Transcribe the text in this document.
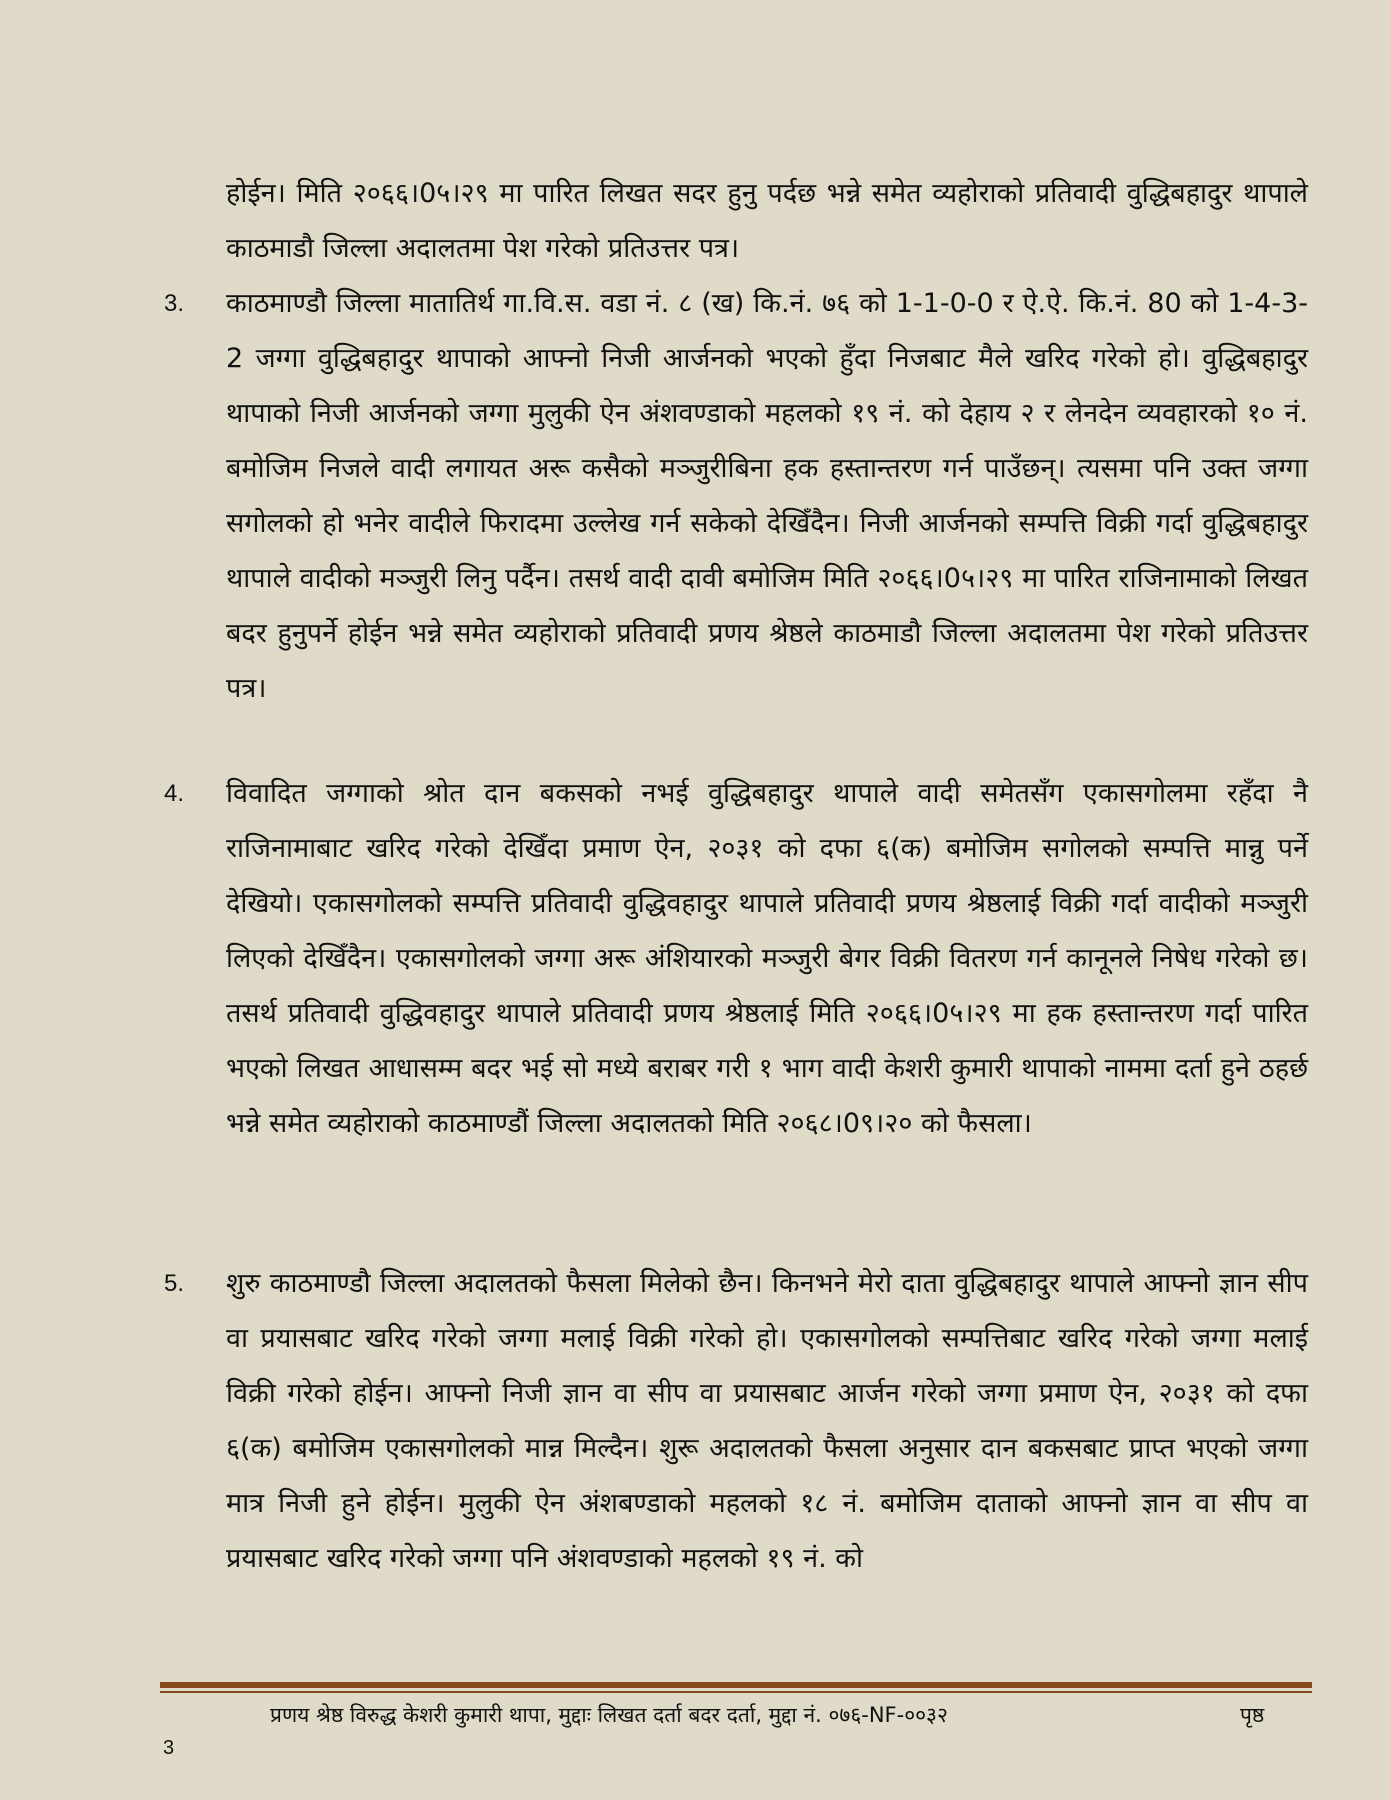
होईन। मिति २०६६।0५।२९ मा पारित लिखत सदर हुनु पर्दछ भन्ने समेत व्यहोराको प्रतिवादी वुद्धिबहादुर थापाले काठमाडौ जिल्ला अदालतमा पेश गरेको प्रतिउत्तर पत्र।
3. काठमाण्डौ जिल्ला मातातिर्थ गा.वि.स. वडा नं. ८ (ख) कि.नं. ७६ को 1-1-0-0 र ऐ.ऐ. कि.नं. 80 को 1-4-3-2 जग्गा वुद्धिबहादुर थापाको आफ्नो निजी आर्जनको भएको हुँदा निजबाट मैले खरिद गरेको हो। वुद्धिबहादुर थापाको निजी आर्जनको जग्गा मुलुकी ऐन अंशवण्डाको महलको १९ नं. को देहाय २ र लेनदेन व्यवहारको १० नं. बमोजिम निजले वादी लगायत अरू कसैको मञ्जुरीबिना हक हस्तान्तरण गर्न पाउँछन्। त्यसमा पनि उक्त जग्गा सगोलको हो भनेर वादीले फिरादमा उल्लेख गर्न सकेको देखिँदैन। निजी आर्जनको सम्पत्ति विक्री गर्दा वुद्धिबहादुर थापाले वादीको मञ्जुरी लिनु पर्दैन। तसर्थ वादी दावी बमोजिम मिति २०६६।0५।२९ मा पारित राजिनामाको लिखत बदर हुनुपर्ने होईन भन्ने समेत व्यहोराको प्रतिवादी प्रणय श्रेष्ठले काठमाडौ जिल्ला अदालतमा पेश गरेको प्रतिउत्तर पत्र।
4. विवादित जग्गाको श्रोत दान बकसको नभई वुद्धिबहादुर थापाले वादी समेतसँग एकासगोलमा रहँदा नै राजिनामाबाट खरिद गरेको देखिँदा प्रमाण ऐन, २०३१ को दफा ६(क) बमोजिम सगोलको सम्पत्ति मान्नु पर्ने देखियो। एकासगोलको सम्पत्ति प्रतिवादी वुद्धिवहादुर थापाले प्रतिवादी प्रणय श्रेष्ठलाई विक्री गर्दा वादीको मञ्जुरी लिएको देखिँदैन। एकासगोलको जग्गा अरू अंशियारको मञ्जुरी बेगर विक्री वितरण गर्न कानूनले निषेध गरेको छ। तसर्थ प्रतिवादी वुद्धिवहादुर थापाले प्रतिवादी प्रणय श्रेष्ठलाई मिति २०६६।0५।२९ मा हक हस्तान्तरण गर्दा पारित भएको लिखत आधासम्म बदर भई सो मध्ये बराबर गरी १ भाग वादी केशरी कुमारी थापाको नाममा दर्ता हुने ठहर्छ भन्ने समेत व्यहोराको काठमाण्डौं जिल्ला अदालतको मिति २०६८।0९।२० को फैसला।
5. शुरु काठमाण्डौ जिल्ला अदालतको फैसला मिलेको छैन। किनभने मेरो दाता वुद्धिबहादुर थापाले आफ्नो ज्ञान सीप वा प्रयासबाट खरिद गरेको जग्गा मलाई विक्री गरेको हो। एकासगोलको सम्पत्तिबाट खरिद गरेको जग्गा मलाई विक्री गरेको होईन। आफ्नो निजी ज्ञान वा सीप वा प्रयासबाट आर्जन गरेको जग्गा प्रमाण ऐन, २०३१ को दफा ६(क) बमोजिम एकासगोलको मान्न मिल्दैन। शुरू अदालतको फैसला अनुसार दान बकसबाट प्राप्त भएको जग्गा मात्र निजी हुने होईन। मुलुकी ऐन अंशबण्डाको महलको १८ नं. बमोजिम दाताको आफ्नो ज्ञान वा सीप वा प्रयासबाट खरिद गरेको जग्गा पनि अंशवण्डाको महलको १९ नं. को
प्रणय श्रेष्ठ विरुद्ध केशरी कुमारी थापा, मुद्दाः लिखत दर्ता बदर दर्ता, मुद्दा नं. ०७६-NF-००३२	पृष्ठ
3
